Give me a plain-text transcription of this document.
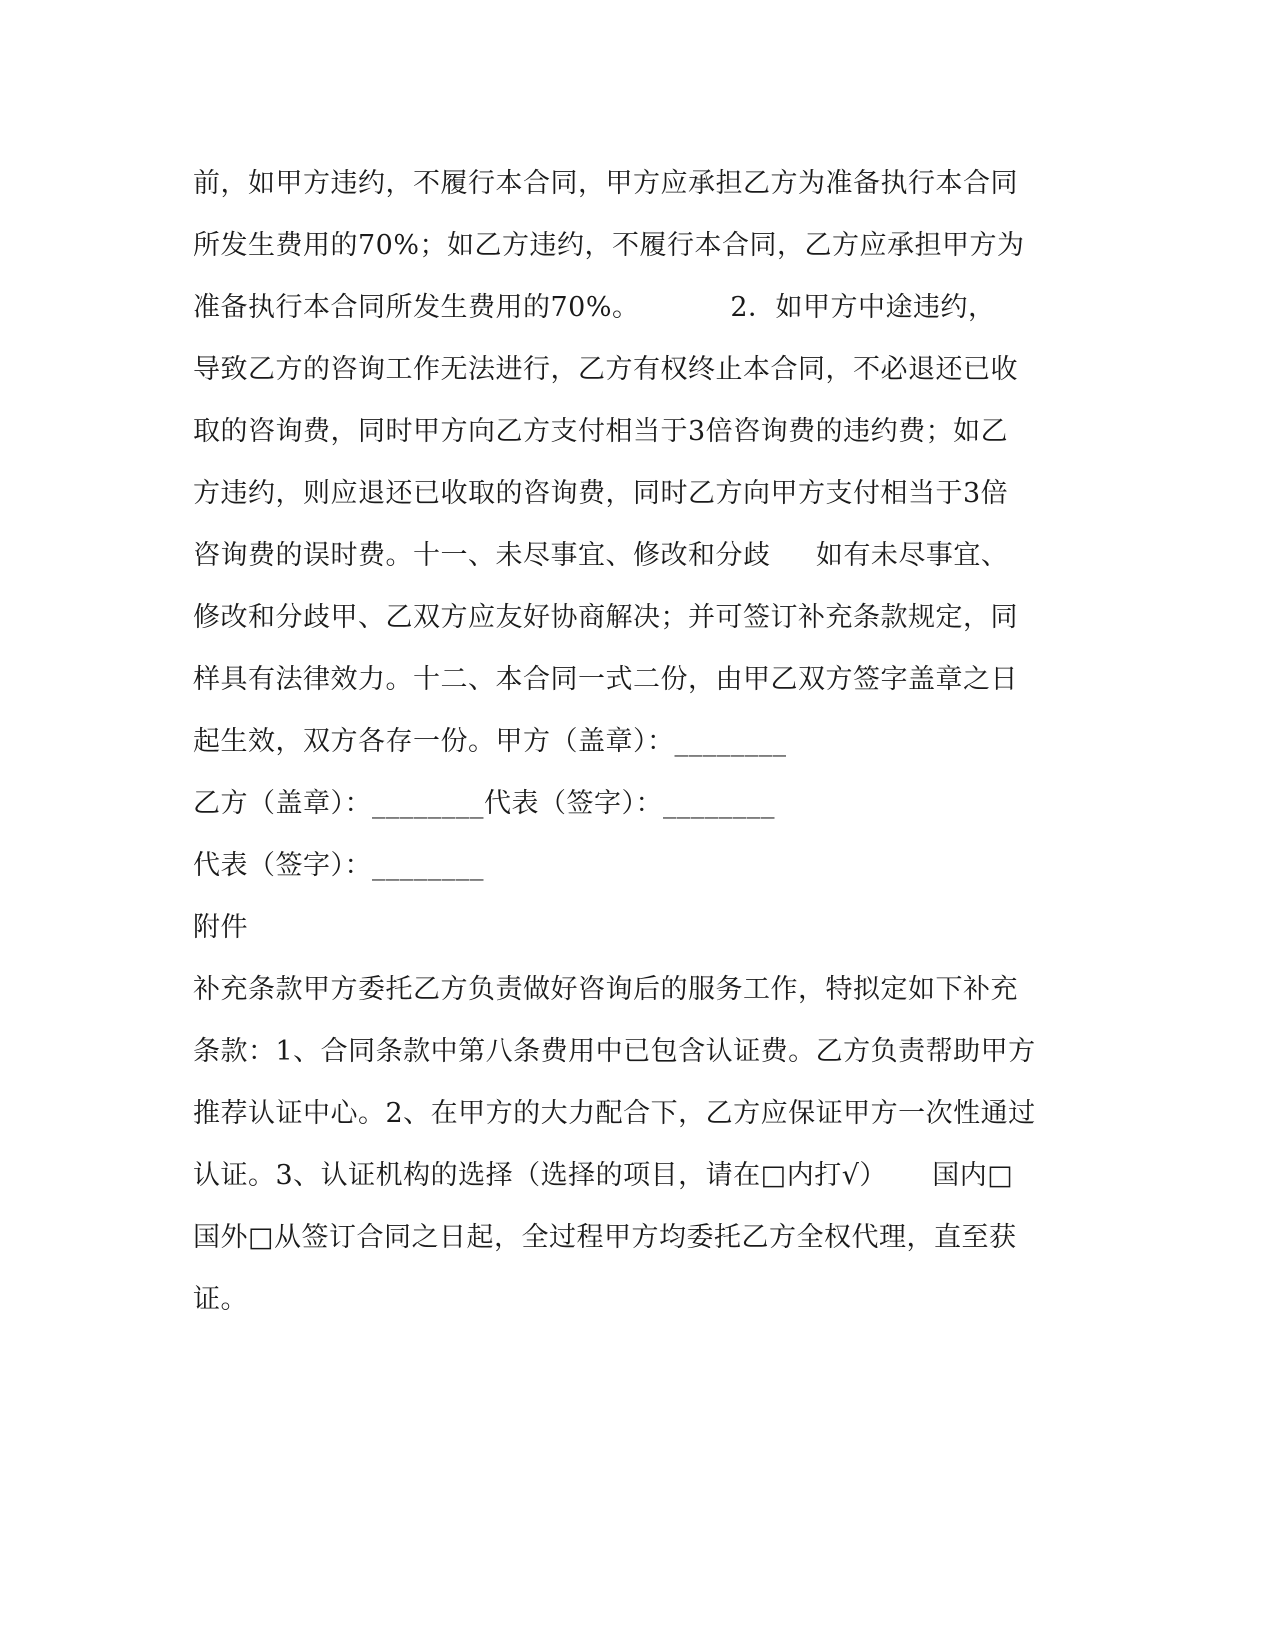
前，如甲方违约，不履行本合同，甲方应承担乙方为准备执行本合同
所发生费用的70%；如乙方违约，不履行本合同，乙方应承担甲方为
准备执行本合同所发生费用的70%。          2．如甲方中途违约，
导致乙方的咨询工作无法进行，乙方有权终止本合同，不必退还已收
取的咨询费，同时甲方向乙方支付相当于3倍咨询费的违约费；如乙
方违约，则应退还已收取的咨询费，同时乙方向甲方支付相当于3倍
咨询费的误时费。十一、未尽事宜、修改和分歧     如有未尽事宜、
修改和分歧甲、乙双方应友好协商解决；并可签订补充条款规定，同
样具有法律效力。十二、本合同一式二份，由甲乙双方签字盖章之日
起生效，双方各存一份。甲方（盖章）：________
乙方（盖章）：________代表（签字）：________
代表（签字）：________
附件
补充条款甲方委托乙方负责做好咨询后的服务工作，特拟定如下补充
条款：1、合同条款中第八条费用中已包含认证费。乙方负责帮助甲方
推荐认证中心。2、在甲方的大力配合下，乙方应保证甲方一次性通过
认证。3、认证机构的选择（选择的项目，请在□内打√）     国内□
国外□从签订合同之日起，全过程甲方均委托乙方全权代理，直至获
证。
